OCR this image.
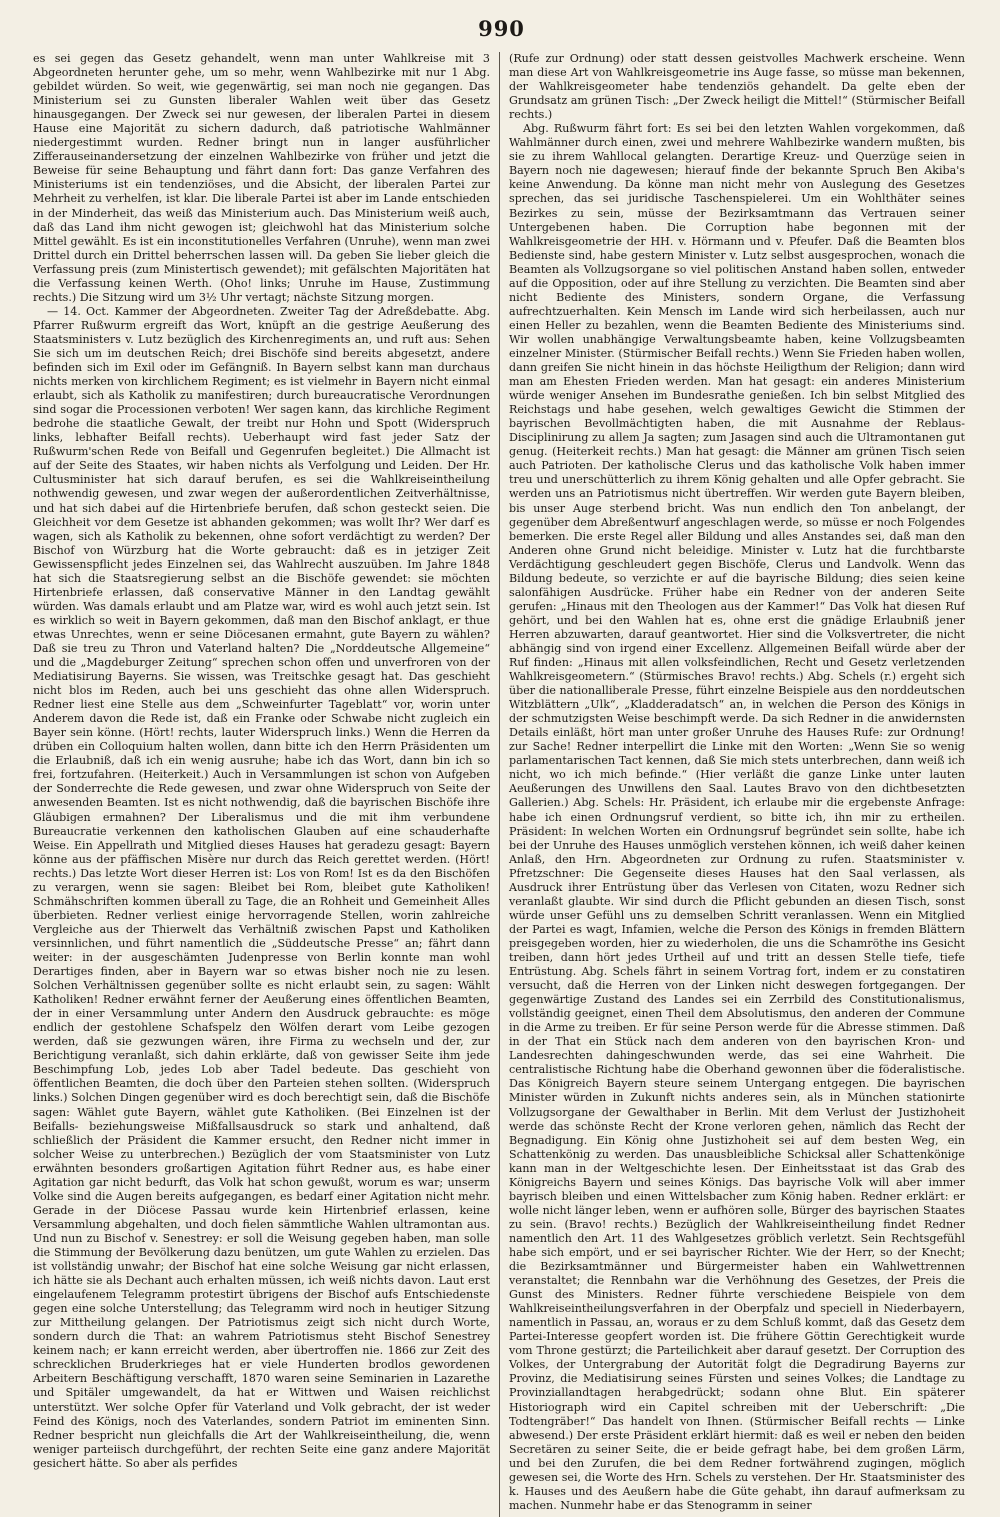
990

es sei gegen das Gesetz gehandelt, wenn man unter Wahlkreise mit 3 Abgeordneten herunter gehe, um so mehr, wenn Wahlbezirke mit nur 1 Abg. gebildet würden. So weit, wie gegenwärtig, sei man noch nie gegangen. Das Ministerium sei zu Gunsten liberaler Wahlen weit über das Gesetz hinausgegangen. Der Zweck sei nur gewesen, der liberalen Partei in diesem Hause eine Majorität zu sichern dadurch, daß patriotische Wahlmänner niedergestimmt wurden. Redner bringt nun in langer ausführlicher Zifferauseinandersetzung der einzelnen Wahlbezirke von früher und jetzt die Beweise für seine Behauptung und fährt dann fort: Das ganze Verfahren des Ministeriums ist ein tendenziöses, und die Absicht, der liberalen Partei zur Mehrheit zu verhelfen, ist klar. Die liberale Partei ist aber im Lande entschieden in der Minderheit, das weiß das Ministerium auch. Das Ministerium weiß auch, daß das Land ihm nicht gewogen ist; gleichwohl hat das Ministerium solche Mittel gewählt. Es ist ein inconstitutionelles Verfahren (Unruhe), wenn man zwei Drittel durch ein Drittel beherrschen lassen will. Da geben Sie lieber gleich die Verfassung preis (zum Ministertisch gewendet); mit gefälschten Majoritäten hat die Verfassung keinen Werth. (Oho! links; Unruhe im Hause, Zustimmung rechts.) Die Sitzung wird um 3½ Uhr vertagt; nächste Sitzung morgen.

— 14. Oct. Kammer der Abgeordneten. Zweiter Tag der Adreßdebatte. Abg. Pfarrer Rußwurm ergreift das Wort, knüpft an die gestrige Aeußerung des Staatsministers v. Lutz bezüglich des Kirchenregiments an, und ruft aus: Sehen Sie sich um im deutschen Reich; drei Bischöfe sind bereits abgesetzt, andere befinden sich im Exil oder im Gefängniß. In Bayern selbst kann man durchaus nichts merken von kirchlichem Regiment; es ist vielmehr in Bayern nicht einmal erlaubt, sich als Katholik zu manifestiren; durch bureaucratische Verordnungen sind sogar die Processionen verboten! Wer sagen kann, das kirchliche Regiment bedrohe die staatliche Gewalt, der treibt nur Hohn und Spott (Widerspruch links, lebhafter Beifall rechts). Ueberhaupt wird fast jeder Satz der Rußwurm'schen Rede von Beifall und Gegenrufen begleitet.) Die Allmacht ist auf der Seite des Staates, wir haben nichts als Verfolgung und Leiden. Der Hr. Cultusminister hat sich darauf berufen, es sei die Wahlkreiseintheilung nothwendig gewesen, und zwar wegen der außerordentlichen Zeitverhältnisse, und hat sich dabei auf die Hirtenbriefe berufen, daß schon gesteckt seien. Die Gleichheit vor dem Gesetze ist abhanden gekommen; was wollt Ihr? Wer darf es wagen, sich als Katholik zu bekennen, ohne sofort verdächtigt zu werden? Der Bischof von Würzburg hat die Worte gebraucht: daß es in jetziger Zeit Gewissenspflicht jedes Einzelnen sei, das Wahlrecht auszuüben. Im Jahre 1848 hat sich die Staatsregierung selbst an die Bischöfe gewendet: sie möchten Hirtenbriefe erlassen, daß conservative Männer in den Landtag gewählt würden. Was damals erlaubt und am Platze war, wird es wohl auch jetzt sein. Ist es wirklich so weit in Bayern gekommen, daß man den Bischof anklagt, er thue etwas Unrechtes, wenn er seine Diöcesanen ermahnt, gute Bayern zu wählen? Daß sie treu zu Thron und Vaterland halten? Die „Norddeutsche Allgemeine“ und die „Magdeburger Zeitung“ sprechen schon offen und unverfroren von der Mediatisirung Bayerns. Sie wissen, was Treitschke gesagt hat. Das geschieht nicht blos im Reden, auch bei uns geschieht das ohne allen Widerspruch. Redner liest eine Stelle aus dem „Schweinfurter Tageblatt“ vor, worin unter Anderem davon die Rede ist, daß ein Franke oder Schwabe nicht zugleich ein Bayer sein könne. (Hört! rechts, lauter Widerspruch links.) Wenn die Herren da drüben ein Colloquium halten wollen, dann bitte ich den Herrn Präsidenten um die Erlaubniß, daß ich ein wenig ausruhe; habe ich das Wort, dann bin ich so frei, fortzufahren. (Heiterkeit.) Auch in Versammlungen ist schon von Aufgeben der Sonderrechte die Rede gewesen, und zwar ohne Widerspruch von Seite der anwesenden Beamten. Ist es nicht nothwendig, daß die bayrischen Bischöfe ihre Gläubigen ermahnen? Der Liberalismus und die mit ihm verbundene Bureaucratie verkennen den katholischen Glauben auf eine schauderhafte Weise. Ein Appellrath und Mitglied dieses Hauses hat geradezu gesagt: Bayern könne aus der pfäffischen Misère nur durch das Reich gerettet werden. (Hört! rechts.) Das letzte Wort dieser Herren ist: Los von Rom! Ist es da den Bischöfen zu verargen, wenn sie sagen: Bleibet bei Rom, bleibet gute Katholiken! Schmähschriften kommen überall zu Tage, die an Rohheit und Gemeinheit Alles überbieten. Redner verliest einige hervorragende Stellen, worin zahlreiche Vergleiche aus der Thierwelt das Verhältniß zwischen Papst und Katholiken versinnlichen, und führt namentlich die „Süddeutsche Presse“ an; fährt dann weiter: in der ausgeschämten Judenpresse von Berlin konnte man wohl Derartiges finden, aber in Bayern war so etwas bisher noch nie zu lesen. Solchen Verhältnissen gegenüber sollte es nicht erlaubt sein, zu sagen: Wählt Katholiken! Redner erwähnt ferner der Aeußerung eines öffentlichen Beamten, der in einer Versammlung unter Andern den Ausdruck gebrauchte: es möge endlich der gestohlene Schafspelz den Wölfen derart vom Leibe gezogen werden, daß sie gezwungen wären, ihre Firma zu wechseln und der, zur Berichtigung veranlaßt, sich dahin erklärte, daß von gewisser Seite ihm jede Beschimpfung Lob, jedes Lob aber Tadel bedeute. Das geschieht von öffentlichen Beamten, die doch über den Parteien stehen sollten. (Widerspruch links.) Solchen Dingen gegenüber wird es doch berechtigt sein, daß die Bischöfe sagen: Wählet gute Bayern, wählet gute Katholiken. (Bei Einzelnen ist der Beifalls- beziehungsweise Mißfallsausdruck so stark und anhaltend, daß schließlich der Präsident die Kammer ersucht, den Redner nicht immer in solcher Weise zu unterbrechen.) Bezüglich der vom Staatsminister von Lutz erwähnten besonders großartigen Agitation führt Redner aus, es habe einer Agitation gar nicht bedurft, das Volk hat schon gewußt, worum es war; unserm Volke sind die Augen bereits aufgegangen, es bedarf einer Agitation nicht mehr. Gerade in der Diöcese Passau wurde kein Hirtenbrief erlassen, keine Versammlung abgehalten, und doch fielen sämmtliche Wahlen ultramontan aus. Und nun zu Bischof v. Senestrey: er soll die Weisung gegeben haben, man solle die Stimmung der Bevölkerung dazu benützen, um gute Wahlen zu erzielen. Das ist vollständig unwahr; der Bischof hat eine solche Weisung gar nicht erlassen, ich hätte sie als Dechant auch erhalten müssen, ich weiß nichts davon. Laut erst eingelaufenem Telegramm protestirt übrigens der Bischof aufs Entschiedenste gegen eine solche Unterstellung; das Telegramm wird noch in heutiger Sitzung zur Mittheilung gelangen. Der Patriotismus zeigt sich nicht durch Worte, sondern durch die That: an wahrem Patriotismus steht Bischof Senestrey keinem nach; er kann erreicht werden, aber übertroffen nie. 1866 zur Zeit des schrecklichen Bruderkrieges hat er viele Hunderten brodlos gewordenen Arbeitern Beschäftigung verschafft, 1870 waren seine Seminarien in Lazarethe und Spitäler umgewandelt, da hat er Wittwen und Waisen reichlichst unterstützt. Wer solche Opfer für Vaterland und Volk gebracht, der ist weder Feind des Königs, noch des Vaterlandes, sondern Patriot im eminenten Sinn. Redner bespricht nun gleichfalls die Art der Wahlkreiseintheilung, die, wenn weniger parteiisch durchgeführt, der rechten Seite eine ganz andere Majorität gesichert hätte. So aber als perfides

(Rufe zur Ordnung) oder statt dessen geistvolles Machwerk erscheine. Wenn man diese Art von Wahlkreisgeometrie ins Auge fasse, so müsse man bekennen, der Wahlkreisgeometer habe tendenziös gehandelt. Da gelte eben der Grundsatz am grünen Tisch: „Der Zweck heiligt die Mittel!“ (Stürmischer Beifall rechts.)

Abg. Rußwurm fährt fort: Es sei bei den letzten Wahlen vorgekommen, daß Wahlmänner durch einen, zwei und mehrere Wahlbezirke wandern mußten, bis sie zu ihrem Wahllocal gelangten. Derartige Kreuz- und Querzüge seien in Bayern noch nie dagewesen; hierauf finde der bekannte Spruch Ben Akiba's keine Anwendung. Da könne man nicht mehr von Auslegung des Gesetzes sprechen, das sei juridische Taschenspielerei. Um ein Wohlthäter seines Bezirkes zu sein, müsse der Bezirksamtmann das Vertrauen seiner Untergebenen haben. Die Corruption habe begonnen mit der Wahlkreisgeometrie der HH. v. Hörmann und v. Pfeufer. Daß die Beamten blos Bedienste sind, habe gestern Minister v. Lutz selbst ausgesprochen, wonach die Beamten als Vollzugsorgane so viel politischen Anstand haben sollen, entweder auf die Opposition, oder auf ihre Stellung zu verzichten. Die Beamten sind aber nicht Bediente des Ministers, sondern Organe, die Verfassung aufrechtzuerhalten. Kein Mensch im Lande wird sich herbeilassen, auch nur einen Heller zu bezahlen, wenn die Beamten Bediente des Ministeriums sind. Wir wollen unabhängige Verwaltungsbeamte haben, keine Vollzugsbeamten einzelner Minister. (Stürmischer Beifall rechts.) Wenn Sie Frieden haben wollen, dann greifen Sie nicht hinein in das höchste Heiligthum der Religion; dann wird man am Ehesten Frieden werden. Man hat gesagt: ein anderes Ministerium würde weniger Ansehen im Bundesrathe genießen. Ich bin selbst Mitglied des Reichstags und habe gesehen, welch gewaltiges Gewicht die Stimmen der bayrischen Bevollmächtigten haben, die mit Ausnahme der Reblaus-Disciplinirung zu allem Ja sagten; zum Jasagen sind auch die Ultramontanen gut genug. (Heiterkeit rechts.) Man hat gesagt: die Männer am grünen Tisch seien auch Patrioten. Der katholische Clerus und das katholische Volk haben immer treu und unerschütterlich zu ihrem König gehalten und alle Opfer gebracht. Sie werden uns an Patriotismus nicht übertreffen. Wir werden gute Bayern bleiben, bis unser Auge sterbend bricht. Was nun endlich den Ton anbelangt, der gegenüber dem Abreßentwurf angeschlagen werde, so müsse er noch Folgendes bemerken. Die erste Regel aller Bildung und alles Anstandes sei, daß man den Anderen ohne Grund nicht beleidige. Minister v. Lutz hat die furchtbarste Verdächtigung geschleudert gegen Bischöfe, Clerus und Landvolk. Wenn das Bildung bedeute, so verzichte er auf die bayrische Bildung; dies seien keine salonfähigen Ausdrücke. Früher habe ein Redner von der anderen Seite gerufen: „Hinaus mit den Theologen aus der Kammer!“ Das Volk hat diesen Ruf gehört, und bei den Wahlen hat es, ohne erst die gnädige Erlaubniß jener Herren abzuwarten, darauf geantwortet. Hier sind die Volksvertreter, die nicht abhängig sind von irgend einer Excellenz. Allgemeinen Beifall würde aber der Ruf finden: „Hinaus mit allen volksfeindlichen, Recht und Gesetz verletzenden Wahlkreisgeometern.“ (Stürmisches Bravo! rechts.) Abg. Schels (r.) ergeht sich über die nationalliberale Presse, führt einzelne Beispiele aus den norddeutschen Witzblättern „Ulk“, „Kladderadatsch“ an, in welchen die Person des Königs in der schmutzigsten Weise beschimpft werde. Da sich Redner in die anwidernsten Details einläßt, hört man unter großer Unruhe des Hauses Rufe: zur Ordnung! zur Sache! Redner interpellirt die Linke mit den Worten: „Wenn Sie so wenig parlamentarischen Tact kennen, daß Sie mich stets unterbrechen, dann weiß ich nicht, wo ich mich befinde.“ (Hier verläßt die ganze Linke unter lauten Aeußerungen des Unwillens den Saal. Lautes Bravo von den dichtbesetzten Gallerien.) Abg. Schels: Hr. Präsident, ich erlaube mir die ergebenste Anfrage: habe ich einen Ordnungsruf verdient, so bitte ich, ihn mir zu ertheilen. Präsident: In welchen Worten ein Ordnungsruf begründet sein sollte, habe ich bei der Unruhe des Hauses unmöglich verstehen können, ich weiß daher keinen Anlaß, den Hrn. Abgeordneten zur Ordnung zu rufen. Staatsminister v. Pfretzschner: Die Gegenseite dieses Hauses hat den Saal verlassen, als Ausdruck ihrer Entrüstung über das Verlesen von Citaten, wozu Redner sich veranlaßt glaubte. Wir sind durch die Pflicht gebunden an diesen Tisch, sonst würde unser Gefühl uns zu demselben Schritt veranlassen. Wenn ein Mitglied der Partei es wagt, Infamien, welche die Person des Königs in fremden Blättern preisgegeben worden, hier zu wiederholen, die uns die Schamröthe ins Gesicht treiben, dann hört jedes Urtheil auf und tritt an dessen Stelle tiefe, tiefe Entrüstung. Abg. Schels fährt in seinem Vortrag fort, indem er zu constatiren versucht, daß die Herren von der Linken nicht deswegen fortgegangen. Der gegenwärtige Zustand des Landes sei ein Zerrbild des Constitutionalismus, vollständig geeignet, einen Theil dem Absolutismus, den anderen der Commune in die Arme zu treiben. Er für seine Person werde für die Abresse stimmen. Daß in der That ein Stück nach dem anderen von den bayrischen Kron- und Landesrechten dahingeschwunden werde, das sei eine Wahrheit. Die centralistische Richtung habe die Oberhand gewonnen über die föderalistische. Das Königreich Bayern steure seinem Untergang entgegen. Die bayrischen Minister würden in Zukunft nichts anderes sein, als in München stationirte Vollzugsorgane der Gewalthaber in Berlin. Mit dem Verlust der Justizhoheit werde das schönste Recht der Krone verloren gehen, nämlich das Recht der Begnadigung. Ein König ohne Justizhoheit sei auf dem besten Weg, ein Schattenkönig zu werden. Das unausbleibliche Schicksal aller Schattenkönige kann man in der Weltgeschichte lesen. Der Einheitsstaat ist das Grab des Königreichs Bayern und seines Königs. Das bayrische Volk will aber immer bayrisch bleiben und einen Wittelsbacher zum König haben. Redner erklärt: er wolle nicht länger leben, wenn er aufhören solle, Bürger des bayrischen Staates zu sein. (Bravo! rechts.) Bezüglich der Wahlkreiseintheilung findet Redner namentlich den Art. 11 des Wahlgesetzes gröblich verletzt. Sein Rechtsgefühl habe sich empört, und er sei bayrischer Richter. Wie der Herr, so der Knecht; die Bezirksamtmänner und Bürgermeister haben ein Wahlwettrennen veranstaltet; die Rennbahn war die Verhöhnung des Gesetzes, der Preis die Gunst des Ministers. Redner führte verschiedene Beispiele von dem Wahlkreiseintheilungsverfahren in der Oberpfalz und speciell in Niederbayern, namentlich in Passau, an, woraus er zu dem Schluß kommt, daß das Gesetz dem Partei-Interesse geopfert worden ist. Die frühere Göttin Gerechtigkeit wurde vom Throne gestürzt; die Parteilichkeit aber darauf gesetzt. Der Corruption des Volkes, der Untergrabung der Autorität folgt die Degradirung Bayerns zur Provinz, die Mediatisirung seines Fürsten und seines Volkes; die Landtage zu Provinziallandtagen herabgedrückt; sodann ohne Blut. Ein späterer Historiograph wird ein Capitel schreiben mit der Ueberschrift: „Die Todtengräber!“ Das handelt von Ihnen. (Stürmischer Beifall rechts — Linke abwesend.) Der erste Präsident erklärt hiermit: daß es weil er neben den beiden Secretären zu seiner Seite, die er beide gefragt habe, bei dem großen Lärm, und bei den Zurufen, die bei dem Redner fortwährend zugingen, möglich gewesen sei, die Worte des Hrn. Schels zu verstehen. Der Hr. Staatsminister des k. Hauses und des Aeußern habe die Güte gehabt, ihn darauf aufmerksam zu machen. Nunmehr habe er das Stenogramm in seiner
